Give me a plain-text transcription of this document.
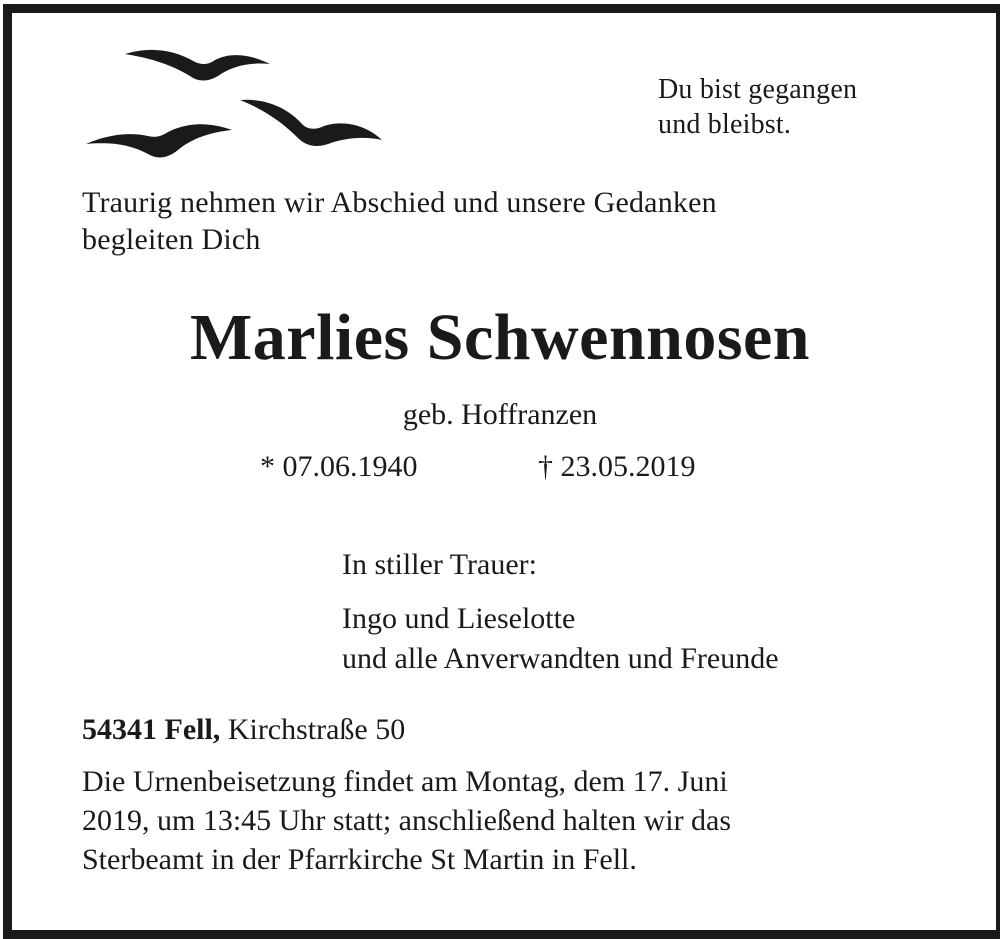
Du bist gegangen
und bleibst.
Traurig nehmen wir Abschied und unsere Gedanken
begleiten Dich
Marlies Schwennosen
geb. Hoffranzen
* 07.06.1940	† 23.05.2019
In stiller Trauer:
Ingo und Lieselotte
und alle Anverwandten und Freunde
54341 Fell, Kirchstraße 50
Die Urnenbeisetzung findet am Montag, dem 17. Juni
2019, um 13:45 Uhr statt; anschließend halten wir das
Sterbeamt in der Pfarrkirche St Martin in Fell.
